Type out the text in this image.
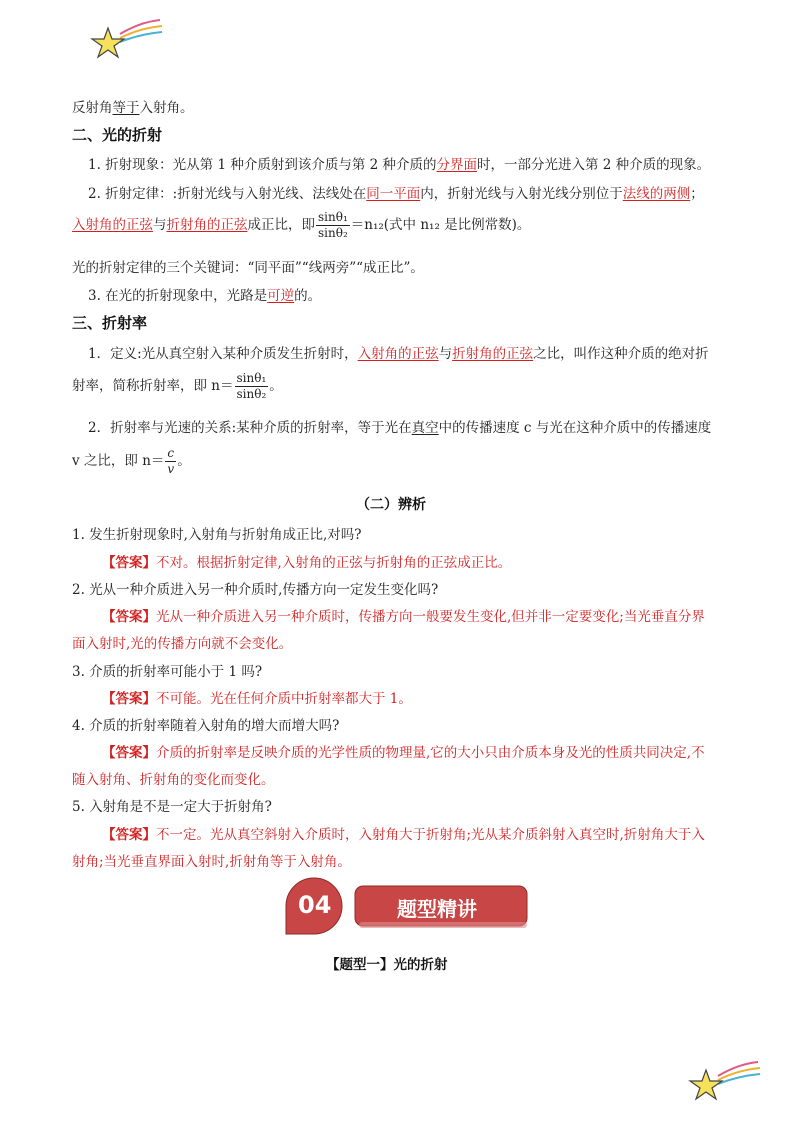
反射角等于入射角。
二、光的折射
1. 折射现象：光从第 1 种介质射到该介质与第 2 种介质的分界面时，一部分光进入第 2 种介质的现象。
2. 折射定律：:折射光线与入射光线、法线处在同一平面内，折射光线与入射光线分别位于法线的两侧；
入射角的正弦与折射角的正弦成正比，即 $\frac{\text{sinθ₁}}{\text{sinθ₂}} =n_{12}$(式中 n₁₂ 是比例常数)。
光的折射定律的三个关键词：“同平面”“线两旁”“成正比”。
3. 在光的折射现象中，光路是可逆的。
三、折射率
1．定义:光从真空射入某种介质发生折射时，入射角的正弦与折射角的正弦之比，叫作这种介质的绝对折
射率，简称折射率，即 $n= \frac{\text{sinθ₁}}{\text{sinθ₂}}$ 。
2．折射率与光速的关系:某种介质的折射率，等于光在真空中的传播速度 c 与光在这种介质中的传播速度
v 之比，即 $n= \frac{c}{v}$ 。
（二）辨析
1. 发生折射现象时,入射角与折射角成正比,对吗?
【答案】不对。根据折射定律,入射角的正弦与折射角的正弦成正比。
2. 光从一种介质进入另一种介质时,传播方向一定发生变化吗?
【答案】光从一种介质进入另一种介质时，传播方向一般要发生变化,但并非一定要变化;当光垂直分界
面入射时,光的传播方向就不会变化。
3. 介质的折射率可能小于 1 吗?
【答案】不可能。光在任何介质中折射率都大于 1。
4. 介质的折射率随着入射角的增大而增大吗?
【答案】介质的折射率是反映介质的光学性质的物理量,它的大小只由介质本身及光的性质共同决定,不
随入射角、折射角的变化而变化。
5. 入射角是不是一定大于折射角?
【答案】不一定。光从真空斜射入介质时，入射角大于折射角;光从某介质斜射入真空时,折射角大于入
射角;当光垂直界面入射时,折射角等于入射角。
04	题型精讲
【题型一】光的折射
